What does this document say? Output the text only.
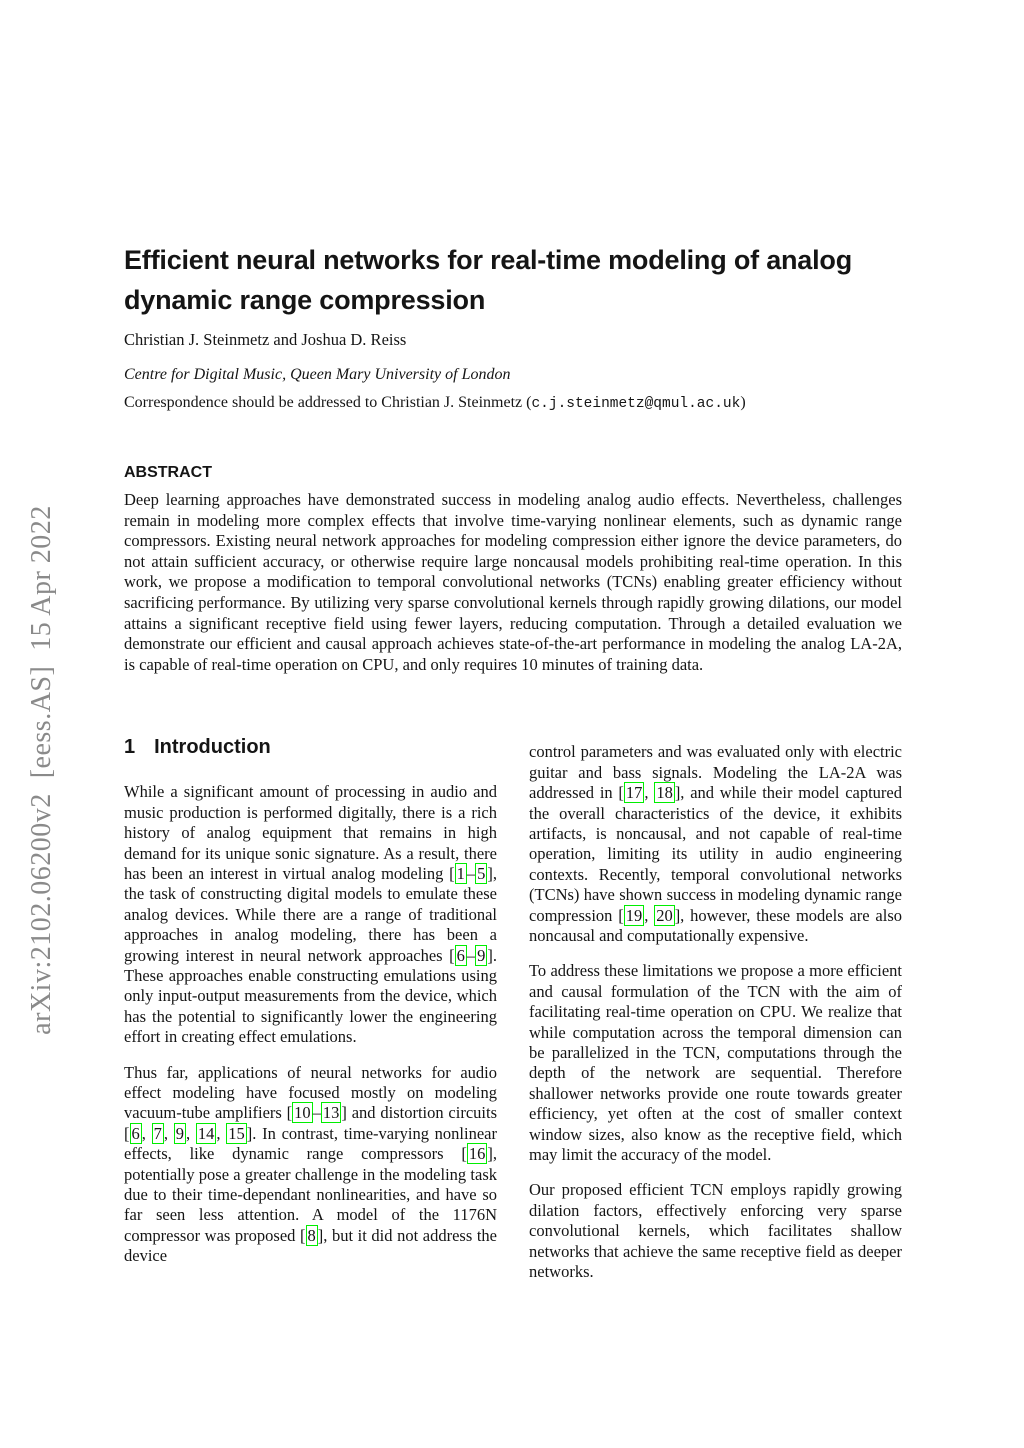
arXiv:2102.06200v2  [eess.AS]  15 Apr 2022
Efficient neural networks for real-time modeling of analog
dynamic range compression
Christian J. Steinmetz and Joshua D. Reiss
Centre for Digital Music, Queen Mary University of London
Correspondence should be addressed to Christian J. Steinmetz (c.j.steinmetz@qmul.ac.uk)
ABSTRACT

Deep learning approaches have demonstrated success in modeling analog audio effects. Nevertheless, challenges remain in modeling more complex effects that involve time-varying nonlinear elements, such as dynamic range compressors. Existing neural network approaches for modeling compression either ignore the device parameters, do not attain sufficient accuracy, or otherwise require large noncausal models prohibiting real-time operation. In this work, we propose a modification to temporal convolutional networks (TCNs) enabling greater efficiency without sacrificing performance. By utilizing very sparse convolutional kernels through rapidly growing dilations, our model attains a significant receptive field using fewer layers, reducing computation. Through a detailed evaluation we demonstrate our efficient and causal approach achieves state-of-the-art performance in modeling the analog LA-2A, is capable of real-time operation on CPU, and only requires 10 minutes of training data.

1 Introduction

While a significant amount of processing in audio and music production is performed digitally, there is a rich history of analog equipment that remains in high demand for its unique sonic signature. As a result, there has been an interest in virtual analog modeling [ 1 – 5 ], the task of constructing digital models to emulate these analog devices. While there are a range of traditional approaches in analog modeling, there has been a growing interest in neural network approaches [ 6 – 9 ]. These approaches enable constructing emulations using only input-output measurements from the device, which has the potential to significantly lower the engineering effort in creating effect emulations.

Thus far, applications of neural networks for audio effect modeling have focused mostly on modeling vacuum-tube amplifiers [ 10 – 13 ] and distortion circuits [ 6 , 7 , 9 , 14 , 15 ]. In contrast, time-varying nonlinear effects, like dynamic range compressors [ 16 ], potentially pose a greater challenge in the modeling task due to their time-dependant nonlinearities, and have so far seen less attention. A model of the 1176N compressor was proposed [ 8 ], but it did not address the device

control parameters and was evaluated only with electric guitar and bass signals. Modeling the LA-2A was addressed in [ 17 , 18 ], and while their model captured the overall characteristics of the device, it exhibits artifacts, is noncausal, and not capable of real-time operation, limiting its utility in audio engineering contexts. Recently, temporal convolutional networks (TCNs) have shown success in modeling dynamic range compression [ 19 , 20 ], however, these models are also noncausal and computationally expensive.

To address these limitations we propose a more efficient and causal formulation of the TCN with the aim of facilitating real-time operation on CPU. We realize that while computation across the temporal dimension can be parallelized in the TCN, computations through the depth of the network are sequential. Therefore shallower networks provide one route towards greater efficiency, yet often at the cost of smaller context window sizes, also know as the receptive field, which may limit the accuracy of the model.

Our proposed efficient TCN employs rapidly growing dilation factors, effectively enforcing very sparse convolutional kernels, which facilitates shallow networks that achieve the same receptive field as deeper networks.
